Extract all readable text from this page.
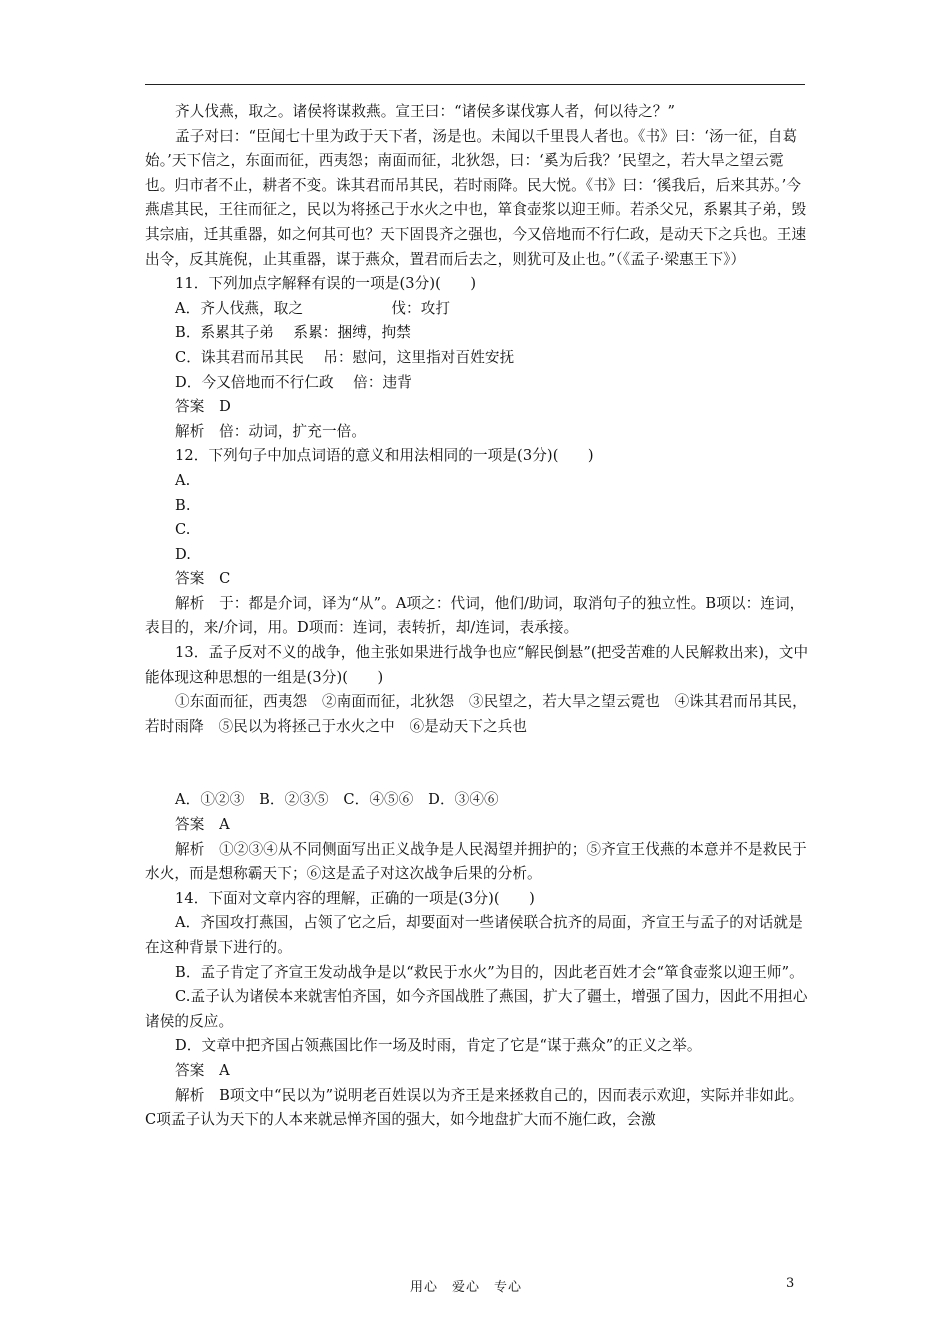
齐人伐燕，取之。诸侯将谋救燕。宣王曰：“诸侯多谋伐寡人者，何以待之？”

孟子对曰：“臣闻七十里为政于天下者，汤是也。未闻以千里畏人者也。《书》曰：‘汤一征，自葛始。’天下信之，东面而征，西夷怨；南面而征，北狄怨，曰：‘奚为后我？’民望之，若大旱之望云霓也。归市者不止，耕者不变。诛其君而吊其民，若时雨降。民大悦。《书》曰：‘徯我后，后来其苏。’今燕虐其民，王往而征之，民以为将拯己于水火之中也，箪食壶浆以迎王师。若杀父兄，系累其子弟，毁其宗庙，迁其重器，如之何其可也？天下固畏齐之强也，今又倍地而不行仁政，是动天下之兵也。王速出令，反其旄倪，止其重器，谋于燕众，置君而后去之，则犹可及止也。”（《孟子·梁惠王下》）

11．下列加点字解释有误的一项是(3分)(　　)

A．齐人伐燕，取之　　　　　　伐：攻打

B．系累其子弟　 系累：捆缚，拘禁

C．诛其君而吊其民　 吊：慰问，这里指对百姓安抚

D．今又倍地而不行仁政　 倍：违背

答案　D

解析　倍：动词，扩充一倍。

12．下列句子中加点词语的意义和用法相同的一项是(3分)(　　)

A.

B.

C.

D.

答案　C

解析　于：都是介词，译为“从”。A项之：代词，他们/助词，取消句子的独立性。B项以：连词，表目的，来/介词，用。D项而：连词，表转折，却/连词，表承接。

13．孟子反对不义的战争，他主张如果进行战争也应“解民倒悬”(把受苦难的人民解救出来)，文中能体现这种思想的一组是(3分)(　　)

①东面而征，西夷怨　②南面而征，北狄怨　③民望之，若大旱之望云霓也　④诛其君而吊其民，若时雨降　⑤民以为将拯己于水火之中　⑥是动天下之兵也

A．①②③　B．②③⑤　C．④⑤⑥　D．③④⑥

答案　A

解析　①②③④从不同侧面写出正义战争是人民渴望并拥护的；⑤齐宣王伐燕的本意并不是救民于水火，而是想称霸天下；⑥这是孟子对这次战争后果的分析。

14．下面对文章内容的理解，正确的一项是(3分)(　　)

A．齐国攻打燕国，占领了它之后，却要面对一些诸侯联合抗齐的局面，齐宣王与孟子的对话就是在这种背景下进行的。

B．孟子肯定了齐宣王发动战争是以“救民于水火”为目的，因此老百姓才会“箪食壶浆以迎王师”。

C.孟子认为诸侯本来就害怕齐国，如今齐国战胜了燕国，扩大了疆土，增强了国力，因此不用担心诸侯的反应。

D．文章中把齐国占领燕国比作一场及时雨，肯定了它是“谋于燕众”的正义之举。

答案　A

解析　B项文中“民以为”说明老百姓误以为齐王是来拯救自己的，因而表示欢迎，实际并非如此。C项孟子认为天下的人本来就忌惮齐国的强大，如今地盘扩大而不施仁政，会激

用心　爱心　专心	3
